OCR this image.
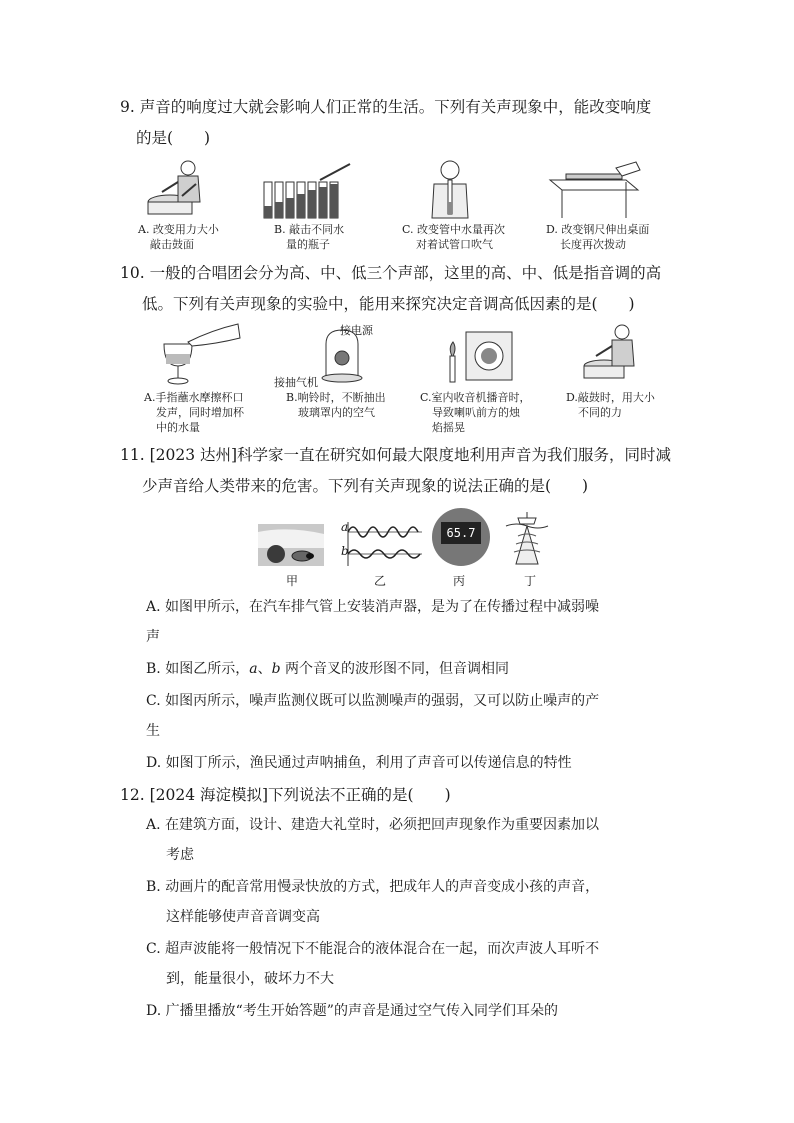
9. 声音的响度过大就会影响人们正常的生活。下列有关声现象中，能改变响度
的是(　　)
A. 改变用力大小
敲击鼓面
B. 敲击不同水
量的瓶子
C. 改变管中水量再次
对着试管口吹气
D. 改变钢尺伸出桌面
长度再次拨动
10. 一般的合唱团会分为高、中、低三个声部，这里的高、中、低是指音调的高
低。下列有关声现象的实验中，能用来探究决定音调高低因素的是(　　)
接电源
接抽气机
A.手指蘸水摩擦杯口
发声，同时增加杯
中的水量
B.响铃时，不断抽出
玻璃罩内的空气
C.室内收音机播音时，
导致喇叭前方的烛
焰摇晃
D.敲鼓时，用大小
不同的力
11. [2023 达州]科学家一直在研究如何最大限度地利用声音为我们服务，同时减
少声音给人类带来的危害。下列有关声现象的说法正确的是(　　)
a
b
65.7
甲	乙	丙	丁
A. 如图甲所示，在汽车排气管上安装消声器，是为了在传播过程中减弱噪
声
B. 如图乙所示，a、b 两个音叉的波形图不同，但音调相同
C. 如图丙所示，噪声监测仪既可以监测噪声的强弱，又可以防止噪声的产
生
D. 如图丁所示，渔民通过声呐捕鱼，利用了声音可以传递信息的特性
12. [2024 海淀模拟]下列说法不正确的是(　　)
A. 在建筑方面，设计、建造大礼堂时，必须把回声现象作为重要因素加以
考虑
B. 动画片的配音常用慢录快放的方式，把成年人的声音变成小孩的声音，
这样能够使声音音调变高
C. 超声波能将一般情况下不能混合的液体混合在一起，而次声波人耳听不
到，能量很小，破坏力不大
D. 广播里播放“考生开始答题”的声音是通过空气传入同学们耳朵的
